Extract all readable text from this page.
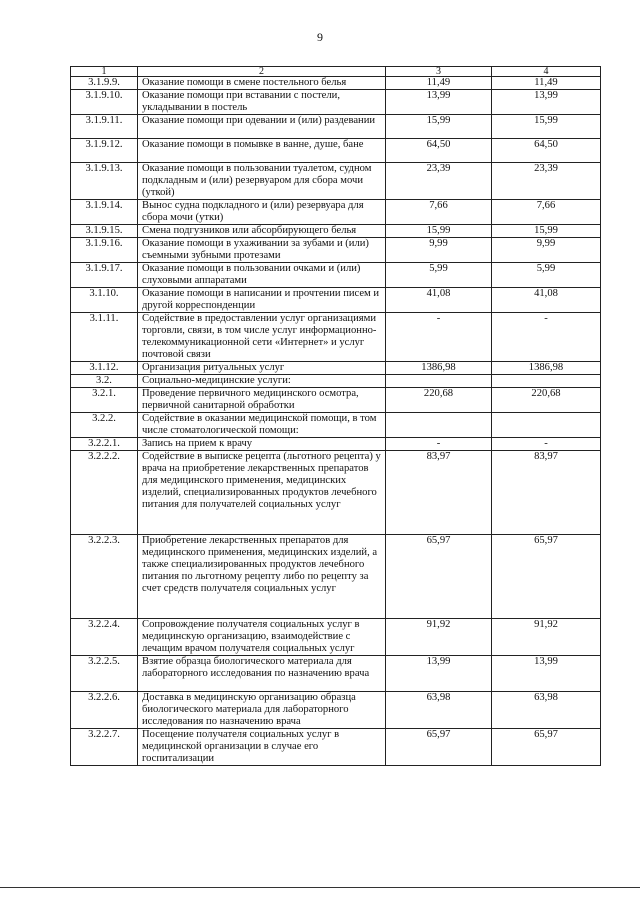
9
1	2	3	4
3.1.9.9.	Оказание помощи в смене постельного белья	11,49	11,49
3.1.9.10.	Оказание помощи при вставании с постели, укладывании в постель	13,99	13,99
3.1.9.11.	Оказание помощи при одевании и (или) раздевании	15,99	15,99
3.1.9.12.	Оказание помощи в помывке в ванне, душе, бане	64,50	64,50
3.1.9.13.	Оказание помощи в пользовании туалетом, судном подкладным и (или) резервуаром для сбора мочи (уткой)	23,39	23,39
3.1.9.14.	Вынос судна подкладного и (или) резервуара для сбора мочи (утки)	7,66	7,66
3.1.9.15.	Смена подгузников или абсорбирующего белья	15,99	15,99
3.1.9.16.	Оказание помощи в ухаживании за зубами и (или) съемными зубными протезами	9,99	9,99
3.1.9.17.	Оказание помощи в пользовании очками и (или) слуховыми аппаратами	5,99	5,99
3.1.10.	Оказание помощи в написании и прочтении писем и другой корреспонденции	41,08	41,08
3.1.11.	Содействие в предоставлении услуг организациями торговли, связи, в том числе услуг информационно-телекоммуникационной сети «Интернет» и услуг почтовой связи	-	-
3.1.12.	Организация ритуальных услуг	1386,98	1386,98
3.2.	Социально-медицинские услуги:		
3.2.1.	Проведение первичного медицинского осмотра, первичной санитарной обработки	220,68	220,68
3.2.2.	Содействие в оказании медицинской помощи, в том числе стоматологической помощи:		
3.2.2.1.	Запись на прием к врачу	-	-
3.2.2.2.	Содействие в выписке рецепта (льготного рецепта) у врача на приобретение лекарственных препаратов для медицинского применения, медицинских изделий, специализированных продуктов лечебного питания для получателей социальных услуг	83,97	83,97
3.2.2.3.	Приобретение лекарственных препаратов для медицинского применения, медицинских изделий, а также специализированных продуктов лечебного питания по льготному рецепту либо по рецепту за счет средств получателя социальных услуг	65,97	65,97
3.2.2.4.	Сопровождение получателя социальных услуг в медицинскую организацию, взаимодействие с лечащим врачом получателя социальных услуг	91,92	91,92
3.2.2.5.	Взятие образца биологического материала для лабораторного исследования по назначению врача	13,99	13,99
3.2.2.6.	Доставка в медицинскую организацию образца биологического материала для лабораторного исследования по назначению врача	63,98	63,98
3.2.2.7.	Посещение получателя социальных услуг в медицинской организации в случае его госпитализации	65,97	65,97
